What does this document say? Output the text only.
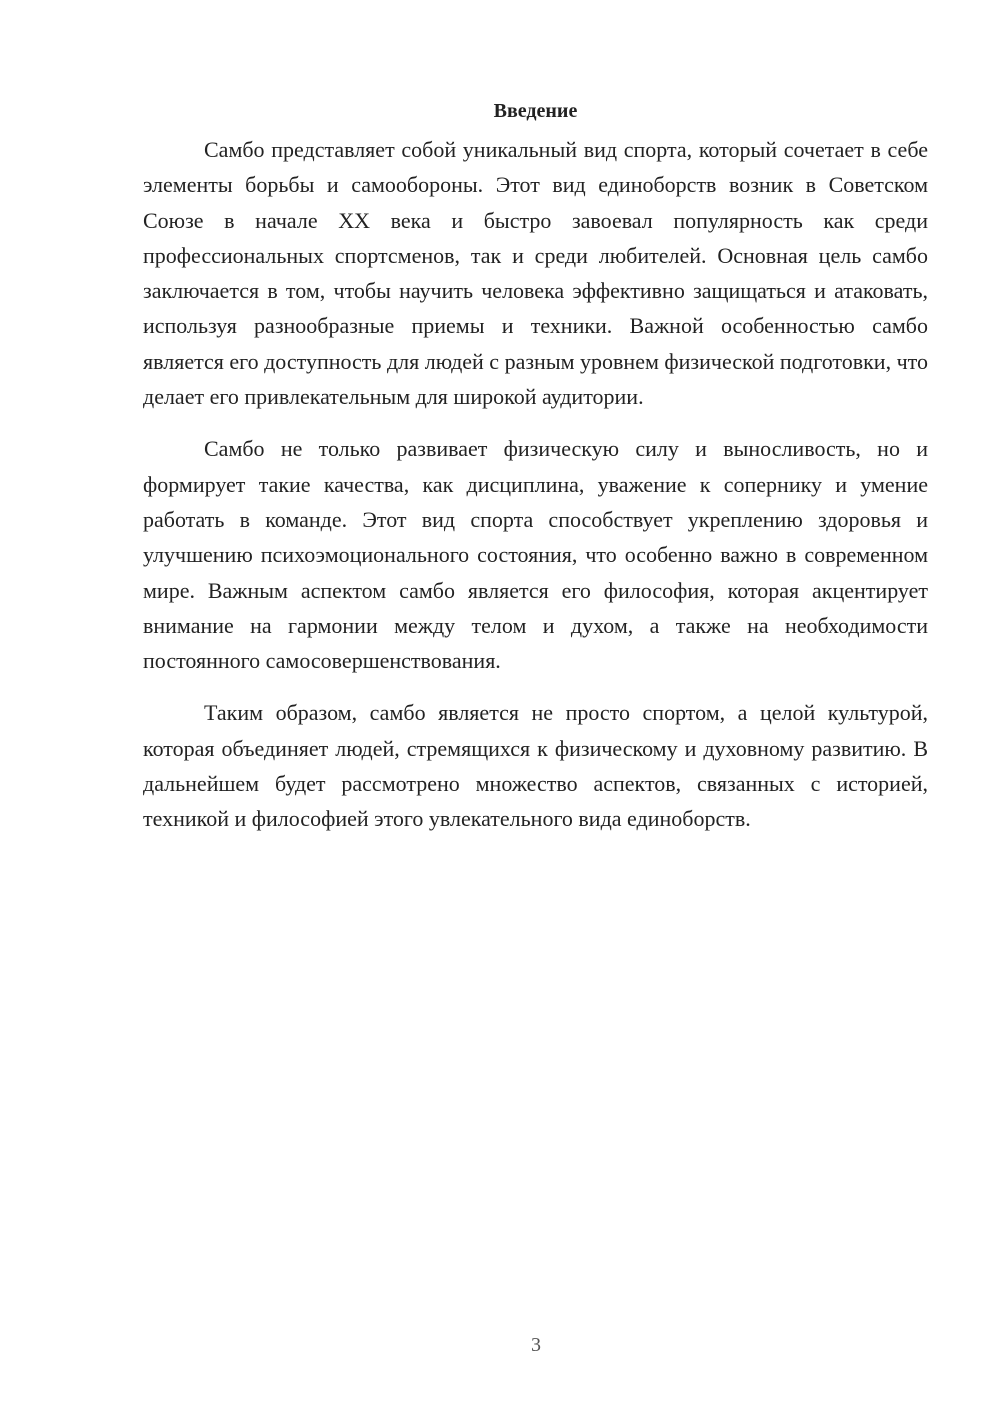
Введение

Самбо представляет собой уникальный вид спорта, который сочетает в себе элементы борьбы и самообороны. Этот вид единоборств возник в Советском Союзе в начале XX века и быстро завоевал популярность как среди профессиональных спортсменов, так и среди любителей. Основная цель самбо заключается в том, чтобы научить человека эффективно защищаться и атаковать, используя разнообразные приемы и техники. Важной особенностью самбо является его доступность для людей с разным уровнем физической подготовки, что делает его привлекательным для широкой аудитории.

Самбо не только развивает физическую силу и выносливость, но и формирует такие качества, как дисциплина, уважение к сопернику и умение работать в команде. Этот вид спорта способствует укреплению здоровья и улучшению психоэмоционального состояния, что особенно важно в современном мире. Важным аспектом самбо является его философия, которая акцентирует внимание на гармонии между телом и духом, а также на необходимости постоянного самосовершенствования.

Таким образом, самбо является не просто спортом, а целой культурой, которая объединяет людей, стремящихся к физическому и духовному развитию. В дальнейшем будет рассмотрено множество аспектов, связанных с историей, техникой и философией этого увлекательного вида единоборств.

3
